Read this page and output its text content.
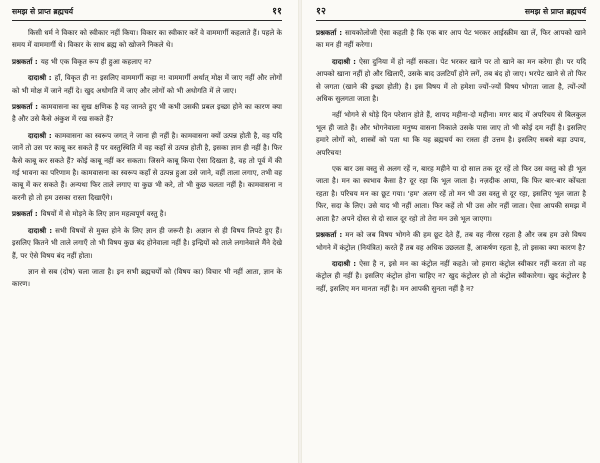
समझ से प्राप्त ब्रह्मचर्य	११

किसी धर्म ने विकार को स्वीकार नहीं किया। विकार का स्वीकार करें वे वाममार्गी कहलाते हैं। पहले के समय में वाममार्गी थे। विकार के साथ ब्रह्म को खोजने निकले थे।

प्रश्नकर्ता : यह भी एक विकृत रूप ही हुआ कहलाए न?

दादाश्री : हाँ, विकृत ही न! इसलिए वाममार्गी कहा न! वाममार्गी अर्थात् मोक्ष में जाए नहीं और लोगों को भी मोक्ष में जाने नहीं दे। खुद अधोगति में जाए और लोगों को भी अधोगति में ले जाए।

प्रश्नकर्ता : कामवासना का सुख क्षणिक है यह जानते हुए भी कभी उसकी प्रबल इच्छा होने का कारण क्या है और उसे कैसे अंकुश में रख सकते हैं?

दादाश्री : कामवासना का स्वरूप जगत् ने जाना ही नहीं है। कामवासना क्यों उत्पन्न होती है, वह यदि जानें तो उस पर काबू कर सकते हैं पर वस्तुस्थिति में वह कहाँ से उत्पन्न होती है, इसका ज्ञान ही नहीं है। फिर कैसे काबू कर सकते हैं? कोई काबू नहीं कर सकता। जिसने काबू किया ऐसा दिखता है, वह तो पूर्व में की गई भावना का परिणाम है। कामवासना का स्वरूप कहाँ से उत्पन्न हुआ उसे जाने, वहीं ताला लगाए, तभी वह काबू में कर सकते हैं। अन्यथा फिर ताले लगाए या कुछ भी करे, तो भी कुछ चलता नहीं है। कामवासना न करनी हो तो हम उसका रास्ता दिखाएँगे।

प्रश्नकर्ता : विषयों में से मोड़ने के लिए ज्ञान महत्वपूर्ण वस्तु है।

दादाश्री : सभी विषयों से मुक्त होने के लिए ज्ञान ही जरूरी है। अज्ञान से ही विषय लिपटे हुए हैं। इसलिए कितने भी ताले लगाएँ तो भी विषय कुछ बंद होनेवाला नहीं है। इन्द्रियों को ताले लगानेवाले मैंने देखे हैं, पर ऐसे विषय बंद नहीं होता।

ज्ञान से सब (दोष) चला जाता है। इन सभी ब्रह्मचर्यों को (विषय का) विचार भी नहीं आता, ज्ञान के कारण।

१२	समझ से प्राप्त ब्रह्मचर्य

प्रश्नकर्ता : सायकोलोजी ऐसा कहती है कि एक बार आप पेट भरकर आईस्क्रीम खा लें, फिर आपको खाने का मन ही नहीं करेगा।

दादाश्री : ऐसा दुनिया में हो नहीं सकता। पेट भरकर खाने पर तो खाने का मन करेगा ही। पर यदि आपको खाना नहीं हो और खिलाएँ, उसके बाद उलटियाँ होने लगें, तब बंद हो जाए। भरपेट खाने से तो फिर से जगता (खाने की इच्छा होती) है। इस विषय में तो हमेशा ज्यों-ज्यों विषय भोगता जाता है, त्यों-त्यों अधिक सुलगता जाता है।

नहीं भोगने से थोड़े दिन परेशान होते हैं, शायद महीना-दो महीना। मगर बाद में अपरिचय से बिलकुल भूल ही जाते हैं। और भोगनेवाला मनुष्य वासना निकाले उसके पास जाए तो भी कोई दम नहीं है। इसलिए हमारे लोगों को, शास्त्रों को पता था कि यह ब्रह्मचर्य का रास्ता ही उत्तम है। इसलिए सबसे बड़ा उपाय, अपरिचय!

एक बार उस वस्तु से अलग रहें न, बारह महीने या दो साल तक दूर रहें तो फिर उस वस्तु को ही भूल जाता है। मन का स्वभाव कैसा है? दूर रहा कि भूल जाता है। नज़दीक आया, कि फिर बार-बार कोंचता रहता है। परिचय मन का छूट गया। 'हम' अलग रहें तो मन भी उस वस्तु से दूर रहा, इसलिए भूल जाता है फिर, सदा के लिए। उसे याद भी नहीं आता। फिर कहें तो भी उस ओर नहीं जाता। ऐसा आपकी समझ में आता है? अपने दोस्त से दो साल दूर रहो तो तेरा मन उसे भूल जाएगा।

प्रश्नकर्ता : मन को जब विषय भोगने की हम छूट देते हैं, तब वह नीरस रहता है और जब हम उसे विषय भोगने में कंट्रोल (नियंत्रित) करते हैं तब वह अधिक उछलता हैं, आकर्षण रहता है, तो इसका क्या कारण है?

दादाश्री : ऐसा है न, इसे मन का कंट्रोल नहीं कहते। जो हमारा कंट्रोल स्वीकार नहीं करता तो वह कंट्रोल ही नहीं है। इसलिए कंट्रोल होना चाहिए न? खुद कंट्रोलर हो तो कंट्रोल स्वीकारेगा। खुद कंट्रोलर है नहीं, इसलिए मन मानता नहीं है। मन आपकी सुनता नहीं है न?
